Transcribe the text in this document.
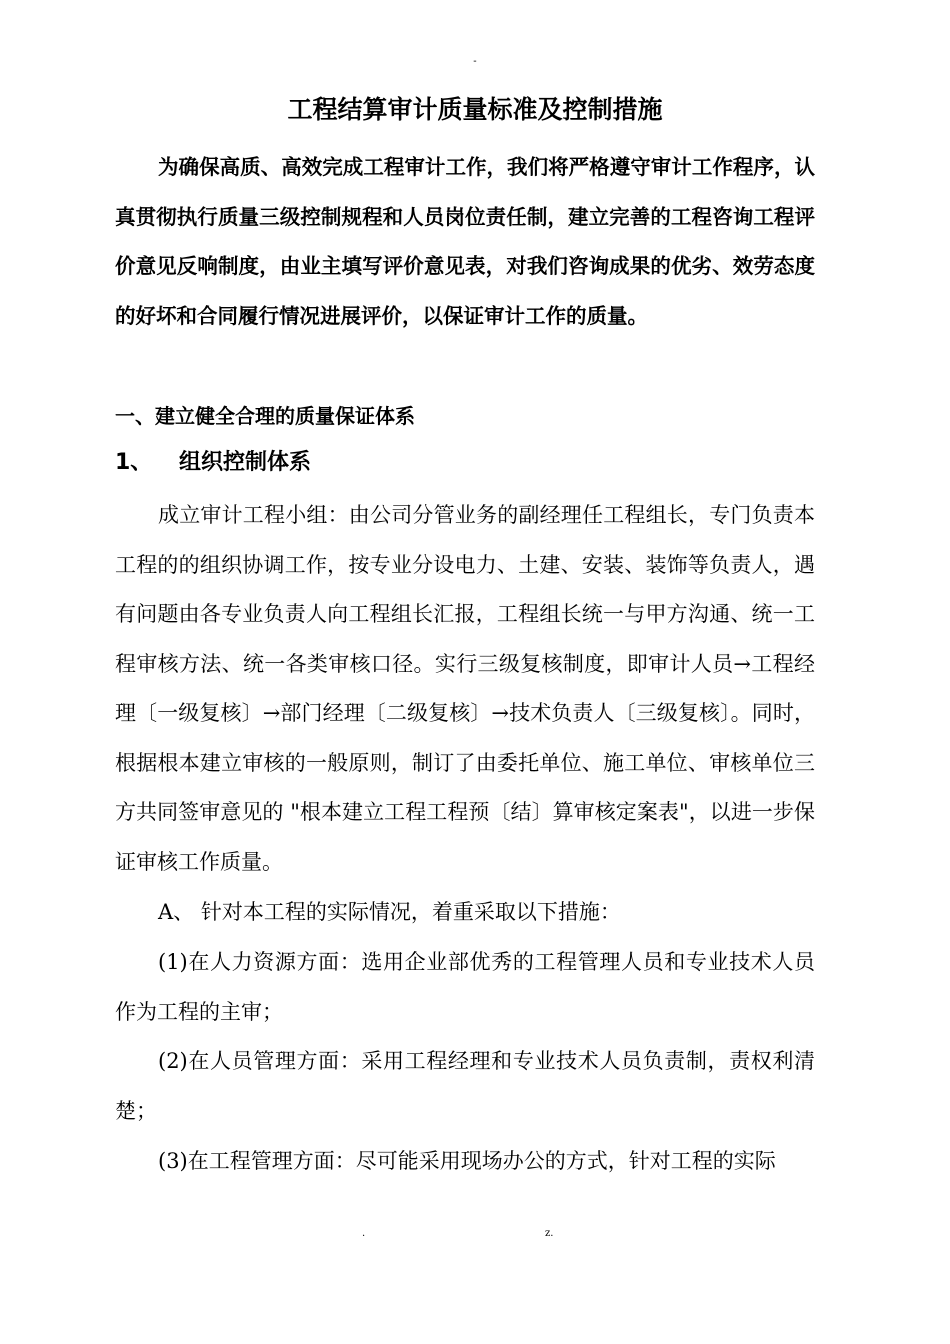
-
工程结算审计质量标准及控制措施

为确保高质、高效完成工程审计工作，我们将严格遵守审计工作程序，认真贯彻执行质量三级控制规程和人员岗位责任制，建立完善的工程咨询工程评价意见反响制度，由业主填写评价意见表，对我们咨询成果的优劣、效劳态度的好坏和合同履行情况进展评价，以保证审计工作的质量。

一、建立健全合理的质量保证体系

1、 组织控制体系

成立审计工程小组：由公司分管业务的副经理任工程组长，专门负责本工程的的组织协调工作，按专业分设电力、土建、安装、装饰等负责人，遇有问题由各专业负责人向工程组长汇报，工程组长统一与甲方沟通、统一工程审核方法、统一各类审核口径。实行三级复核制度，即审计人员→工程经理〔一级复核〕→部门经理〔二级复核〕→技术负责人〔三级复核〕。同时，根据根本建立审核的一般原则，制订了由委托单位、施工单位、审核单位三方共同签审意见的 "根本建立工程工程预〔结〕算审核定案表"，以进一步保证审核工作质量。

A、 针对本工程的实际情况，着重采取以下措施：

(1)在人力资源方面：选用企业部优秀的工程管理人员和专业技术人员作为工程的主审；

(2)在人员管理方面：采用工程经理和专业技术人员负责制，责权利清楚；

(3)在工程管理方面：尽可能采用现场办公的方式，针对工程的实际

.	z.
